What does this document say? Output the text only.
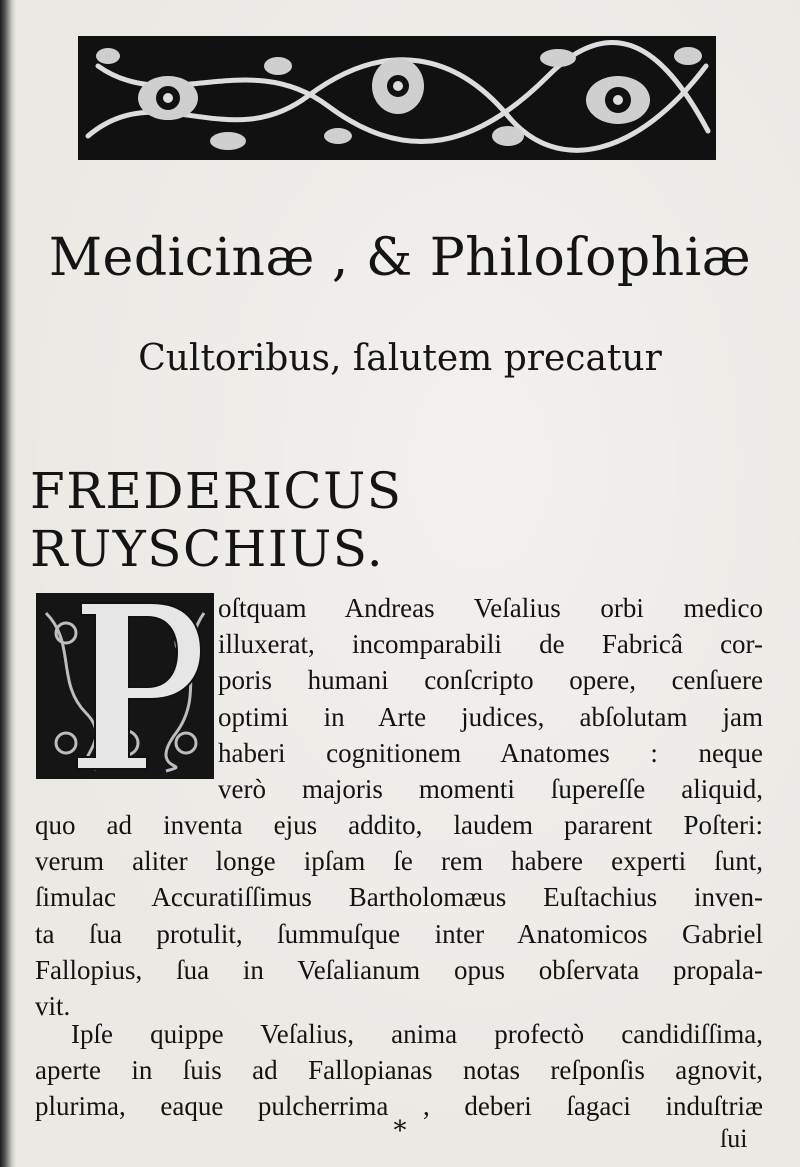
Medicinæ , & Philoſophiæ
Cultoribus, ſalutem precatur
FREDERICUS RUYSCHIUS.
oſtquam Andreas Veſalius orbi medico
illuxerat, incomparabili de Fabricâ cor-
poris humani conſcripto opere, cenſuere
optimi in Arte judices, abſolutam jam
haberi cognitionem Anatomes : neque
verò majoris momenti ſupereſſe aliquid,
quo ad inventa ejus addito, laudem pararent Poſteri:
verum aliter longe ipſam ſe rem habere experti ſunt,
ſimulac Accuratiſſimus Bartholomæus Euſtachius inven-
ta ſua protulit, ſummuſque inter Anatomicos Gabriel
Fallopius, ſua in Veſalianum opus obſervata propala-
vit.
Ipſe quippe Veſalius, anima profectò candidiſſima,
aperte in ſuis ad Fallopianas notas reſponſis agnovit,
plurima, eaque pulcherrima , deberi ſagaci induſtriæ
*	ſui
